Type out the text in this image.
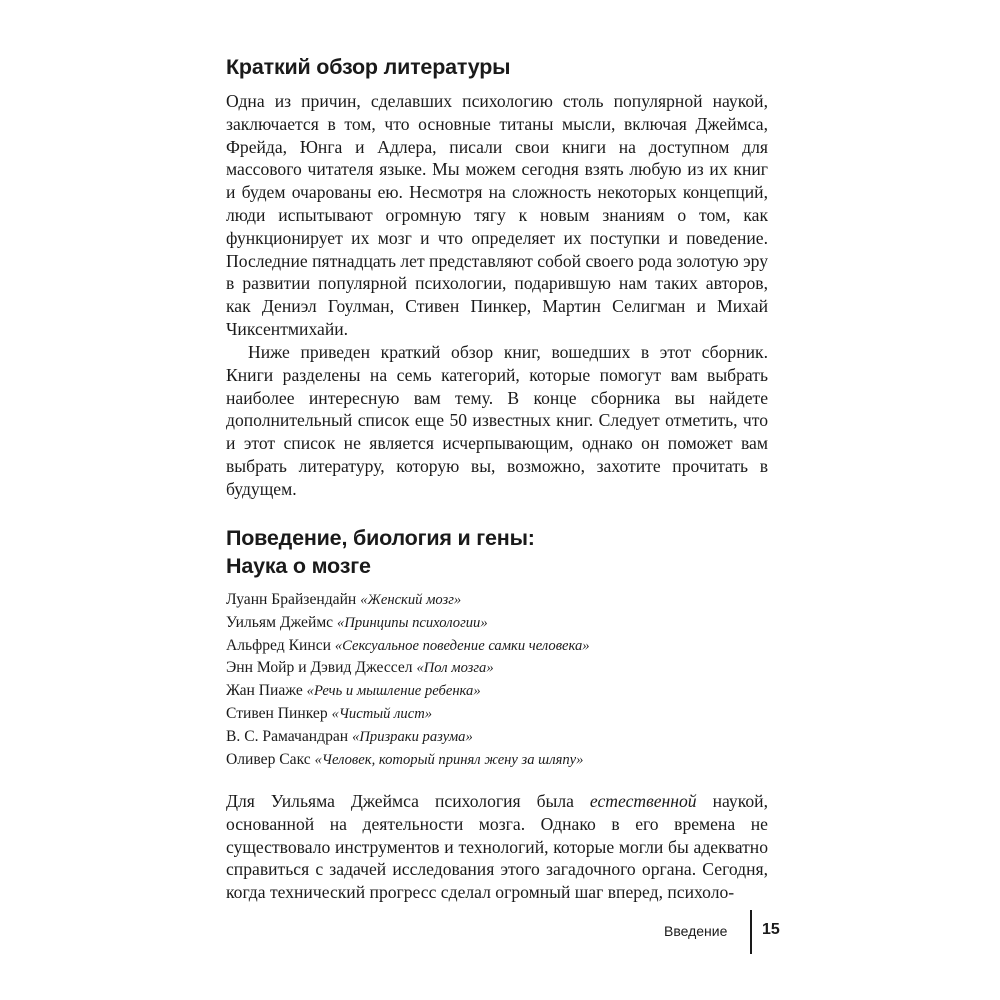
Краткий обзор литературы

Одна из причин, сделавших психологию столь популярной наукой, заключается в том, что основные титаны мысли, включая Джеймса, Фрейда, Юнга и Адлера, писали свои книги на доступном для массового читателя языке. Мы можем сегодня взять любую из их книг и будем очарованы ею. Несмотря на сложность некоторых концепций, люди испытывают огромную тягу к новым знаниям о том, как функционирует их мозг и что определяет их поступки и поведение. Последние пятнадцать лет представляют собой своего рода золотую эру в развитии популярной психологии, подарившую нам таких авторов, как Дениэл Гоулман, Стивен Пинкер, Мартин Селигман и Михай Чиксентмихайи.

Ниже приведен краткий обзор книг, вошедших в этот сборник. Книги разделены на семь категорий, которые помогут вам выбрать наиболее интересную вам тему. В конце сборника вы найдете дополнительный список еще 50 известных книг. Следует отметить, что и этот список не является исчерпывающим, однако он поможет вам выбрать литературу, которую вы, возможно, захотите прочитать в будущем.

Поведение, биология и гены:
Наука о мозге
Луанн Брайзендайн «Женский мозг»
Уильям Джеймс «Принципы психологии»
Альфред Кинси «Сексуальное поведение самки человека»
Энн Мойр и Дэвид Джессел «Пол мозга»
Жан Пиаже «Речь и мышление ребенка»
Стивен Пинкер «Чистый лист»
В. С. Рамачандран «Призраки разума»
Оливер Сакс «Человек, который принял жену за шляпу»

Для Уильяма Джеймса психология была естественной наукой, основанной на деятельности мозга. Однако в его времена не существовало инструментов и технологий, которые могли бы адекватно справиться с задачей исследования этого загадочного органа. Сегодня, когда технический прогресс сделал огромный шаг вперед, психоло-

Введение 15
